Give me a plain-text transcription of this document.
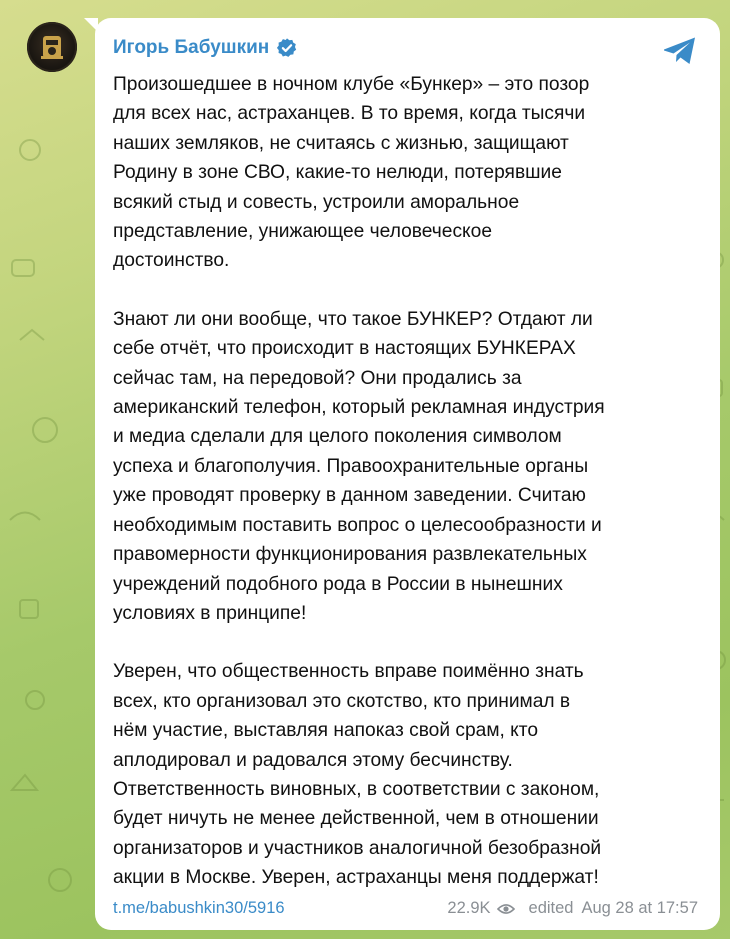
Игорь Бабушкин

Произошедшее в ночном клубе «Бункер» – это позор
для всех нас, астраханцев. В то время, когда тысячи
наших земляков, не считаясь с жизнью, защищают
Родину в зоне СВО, какие-то нелюди, потерявшие
всякий стыд и совесть, устроили аморальное
представление, унижающее человеческое
достоинство.

Знают ли они вообще, что такое БУНКЕР? Отдают ли
себе отчёт, что происходит в настоящих БУНКЕРАХ
сейчас там, на передовой? Они продались за
американский телефон, который рекламная индустрия
и медиа сделали для целого поколения символом
успеха и благополучия. Правоохранительные органы
уже проводят проверку в данном заведении. Считаю
необходимым поставить вопрос о целесообразности и
правомерности функционирования развлекательных
учреждений подобного рода в России в нынешних
условиях в принципе!

Уверен, что общественность вправе поимённо знать
всех, кто организовал это скотство, кто принимал в
нём участие, выставляя напоказ свой срам, кто
аплодировал и радовался этому бесчинству.
Ответственность виновных, в соответствии с законом,
будет ничуть не менее действенной, чем в отношении
организаторов и участников аналогичной безобразной
акции в Москве. Уверен, астраханцы меня поддержат!

t.me/babushkin30/5916	22.9K edited Aug 28 at 17:57
